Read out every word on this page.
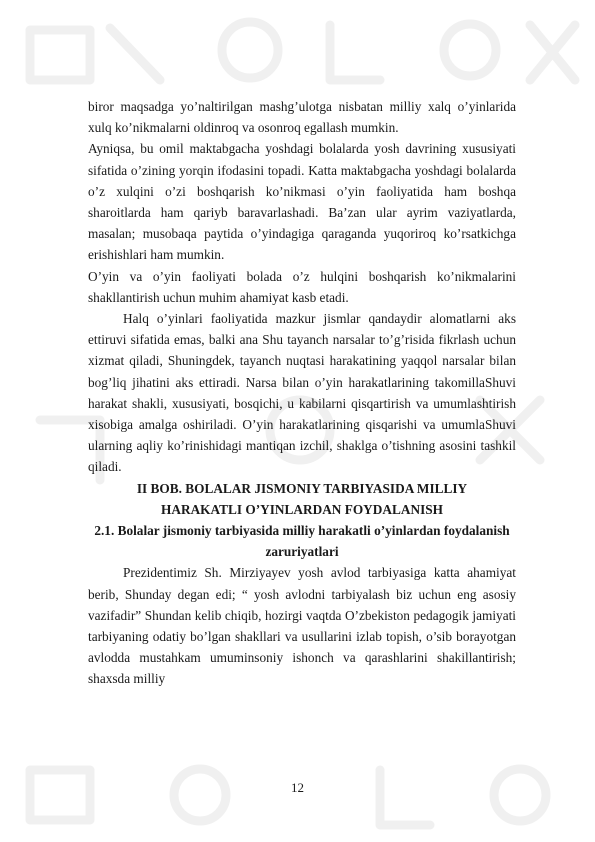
biror maqsadga yo’naltirilgan mashg’ulotga nisbatan milliy xalq o’yinlarida xulq ko’nikmalarni oldinroq va osonroq egallash mumkin.

Ayniqsa, bu omil maktabgacha yoshdagi bolalarda yosh davrining xususiyati sifatida o’zining yorqin ifodasini topadi. Katta maktabgacha yoshdagi bolalarda o’z xulqini o’zi boshqarish ko’nikmasi o’yin faoliyatida ham boshqa sharoitlarda ham qariyb baravarlashadi. Ba’zan ular ayrim vaziyatlarda, masalan; musobaqa paytida o’yindagiga qaraganda yuqoriroq ko’rsatkichga erishishlari ham mumkin.

O’yin va o’yin faoliyati bolada o’z hulqini boshqarish ko’nikmalarini shakllantirish uchun muhim ahamiyat kasb etadi.

Halq o’yinlari faoliyatida mazkur jismlar qandaydir alomatlarni aks ettiruvi sifatida emas, balki ana Shu tayanch narsalar to’g’risida fikrlash uchun xizmat qiladi, Shuningdek, tayanch nuqtasi harakatining yaqqol narsalar bilan bog’liq jihatini aks ettiradi. Narsa bilan o’yin harakatlarining takomillaShuvi harakat shakli, xususiyati, bosqichi, u kabilarni qisqartirish va umumlashtirish xisobiga amalga oshiriladi. O’yin harakatlarining qisqarishi va umumlaShuvi ularning aqliy ko’rinishidagi mantiqan izchil, shaklga o’tishning asosini tashkil qiladi.

II BOB. BOLALAR JISMONIY TARBIYASIDA MILLIY
HARAKATLI O’YINLARDAN FOYDALANISH
2.1. Bolalar jismoniy tarbiyasida milliy harakatli o’yinlardan foydalanish
zaruriyatlari

Prezidentimiz Sh. Mirziyayev yosh avlod tarbiyasiga katta ahamiyat berib, Shunday degan edi; “ yosh avlodni tarbiyalash biz uchun eng asosiy vazifadir” Shundan kelib chiqib, hozirgi vaqtda O’zbekiston pedagogik jamiyati tarbiyaning odatiy bo’lgan shakllari va usullarini izlab topish, o’sib borayotgan avlodda mustahkam umuminsoniy ishonch va qarashlarini shakillantirish; shaxsda milliy

12
